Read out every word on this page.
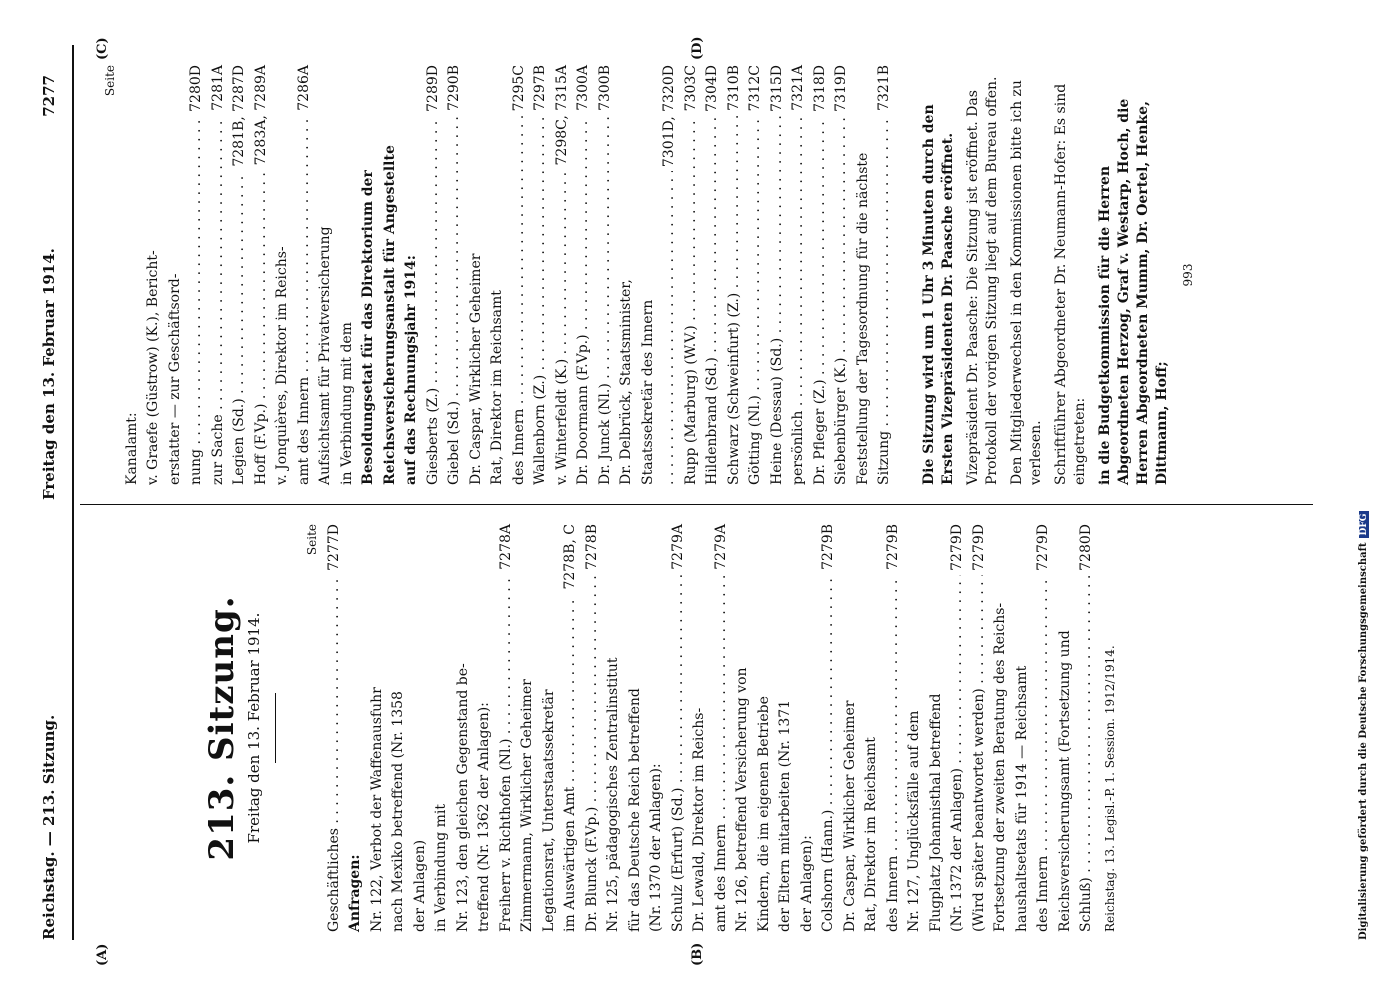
Reichstag. — 213. Sitzung.
Freitag den 13. Februar 1914.
7277
(A)	(B)
(C)	(D)
213. Sitzung. Freitag den 13. Februar 1914.
Seite
Geschäftliches . . .
7277D
Anfragen: Nr. 122, Verbot der Waffenausfuhr nach Mexiko betreffend (Nr. 1358 der Anlagen) in Verbindung mit Nr. 123, den gleichen Gegenstand be- treffend (Nr. 1362 der Anlagen): Freiherr v. Richthofen (Nl.) . . .
7278A
Zimmermann, Wirklicher Geheimer Legationsrat, Unterstaatssekretär im Auswärtigen Amt . . .
7278B, C
Dr. Blunck (F.Vp.) . . .
7278B
Nr. 125, pädagogisches Zentralinstitut für das Deutsche Reich betreffend (Nr. 1370 der Anlagen): Schulz (Erfurt) (Sd.) . . .
7279A
Dr. Lewald, Direktor im Reichs- amt des Innern . . .
7279A
Nr. 126, betreffend Versicherung von Kindern, die im eigenen Betriebe der Eltern mitarbeiten (Nr. 1371 der Anlagen): Colshorn (Hann.) . . .
7279B
Dr. Caspar, Wirklicher Geheimer Rat, Direktor im Reichsamt des Innern . . .
7279B
Nr. 127, Unglücksfälle auf dem Flugplatz Johannisthal betreffend (Nr. 1372 der Anlagen) . . .
7279D
(Wird später beantwortet werden) . . .
7279D
Fortsetzung der zweiten Beratung des Reichs- haushaltsetats für 1914 — Reichsamt des Innern . . .
7279D
Reichsversicherungsamt (Fortsetzung und Schluß) . . .
7280D
Reichstag. 13. Legisl.-P. 1. Session. 1912/1914.
Seite
Kanalamt: v. Graefe (Güstrow) (K.), Bericht- erstatter — zur Geschäftsord- nung . . .
7280D
zur Sache . . .
7281A
Legien (Sd.) . . .
7281B, 7287D
Hoff (F.Vp.) . . .
7283A, 7289A
v. Jonquières, Direktor im Reichs- amt des Innern . . .
7286A
Aufsichtsamt für Privatversicherung in Verbindung mit dem Besoldungsetat für das Direktorium der Reichsversicherungsanstalt für Angestellte auf das Rechnungsjahr 1914: Giesberts (Z.) . . .
7289D
Giebel (Sd.) . . .
7290B
Dr. Caspar, Wirklicher Geheimer Rat, Direktor im Reichsamt des Innern . . .
7295C
Wallenborn (Z.) . . .
7297B
v. Winterfeldt (K.) . . .
7298C, 7315A
Dr. Doormann (F.Vp.) . . .
7300A
Dr. Junck (Nl.) . . .
7300B
Dr. Delbrück, Staatsminister, Staatssekretär des Innern
. . .
7301D, 7320D
Rupp (Marburg) (W.V.) . . .
7303C
Hildenbrand (Sd.) . . .
7304D
Schwarz (Schweinfurt) (Z.) . . .
7310B
Götting (Nl.) . . .
7312C
Heine (Dessau) (Sd.) . . .
7315D
persönlich . . .
7321A
Dr. Pfleger (Z.) . . .
7318D
Siebenbürger (K.) . . .
7319D
Feststellung der Tagesordnung für die nächste Sitzung . . .
7321B

Die Sitzung wird um 1 Uhr 3 Minuten durch den Ersten Vizepräsidenten Dr. Paasche eröffnet. Vizepräsident Dr. Paasche: Die Sitzung ist eröffnet. Das Protokoll der vorigen Sitzung liegt auf dem Bureau offen. Den Mitgliederwechsel in den Kommissionen bitte ich zu verlesen. Schriftführer Abgeordneter Dr. Neumann-Hofer: Es sind eingetreten: in die Budgetkommission für die Herren Abgeordneten Herzog, Graf v. Westarp, Hoch, die Herren Abgeordneten Mumm, Dr. Oertel, Henke, Dittmann, Hoff;

993
Digitalisierung gefördert durch die Deutsche ForschungsgemeinschaftDFG
